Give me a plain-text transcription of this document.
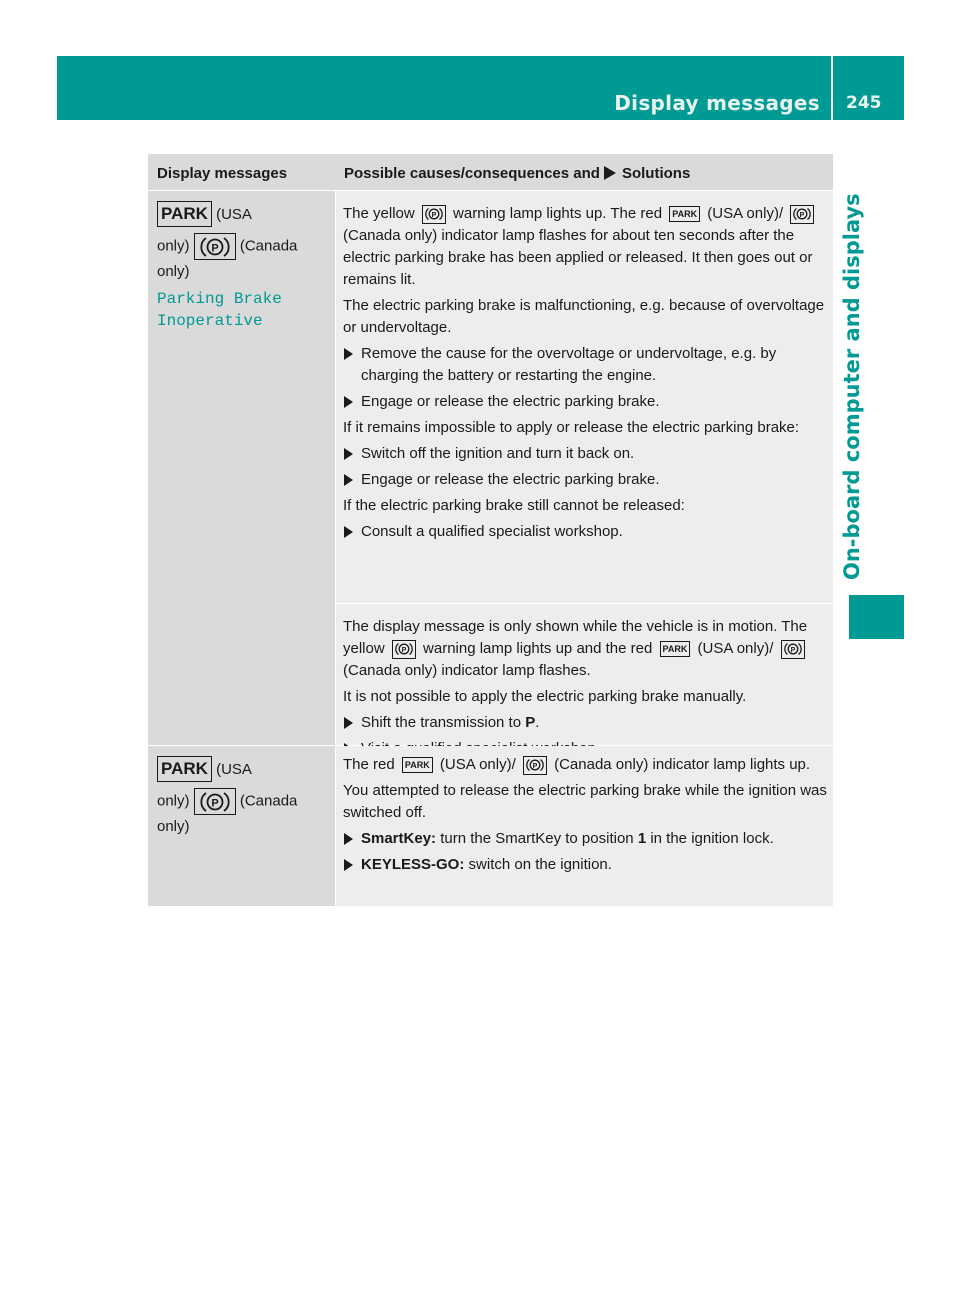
Display messages 245
On-board computer and displays
Display messages	Possible causes/consequences and Solutions
PARK (USA
only) P (Canada
only)
Parking Brake
Inoperative

The yellow P warning lamp lights up. The red PARK (USA only)/ P
(Canada only) indicator lamp flashes for about ten seconds after the electric parking brake has been applied or released. It then goes out or remains lit.

The electric parking brake is malfunctioning, e.g. because of overvoltage or undervoltage.

Remove the cause for the overvoltage or undervoltage, e.g. by charging the battery or restarting the engine.
Engage or release the electric parking brake.

If it remains impossible to apply or release the electric parking brake:

Switch off the ignition and turn it back on.
Engage or release the electric parking brake.

If the electric parking brake still cannot be released:

Consult a qualified specialist workshop.

The display message is only shown while the vehicle is in motion. The yellow P warning lamp lights up and the red PARK (USA only)/ P
(Canada only) indicator lamp flashes.

It is not possible to apply the electric parking brake manually.

Shift the transmission to P.
PARK (USA
only) P (Canada
only)

The red PARK (USA only)/ P (Canada only) indicator lamp lights up.

You attempted to release the electric parking brake while the ignition was switched off.

SmartKey: turn the SmartKey to position 1 in the ignition lock.
KEYLESS-GO: switch on the ignition.
